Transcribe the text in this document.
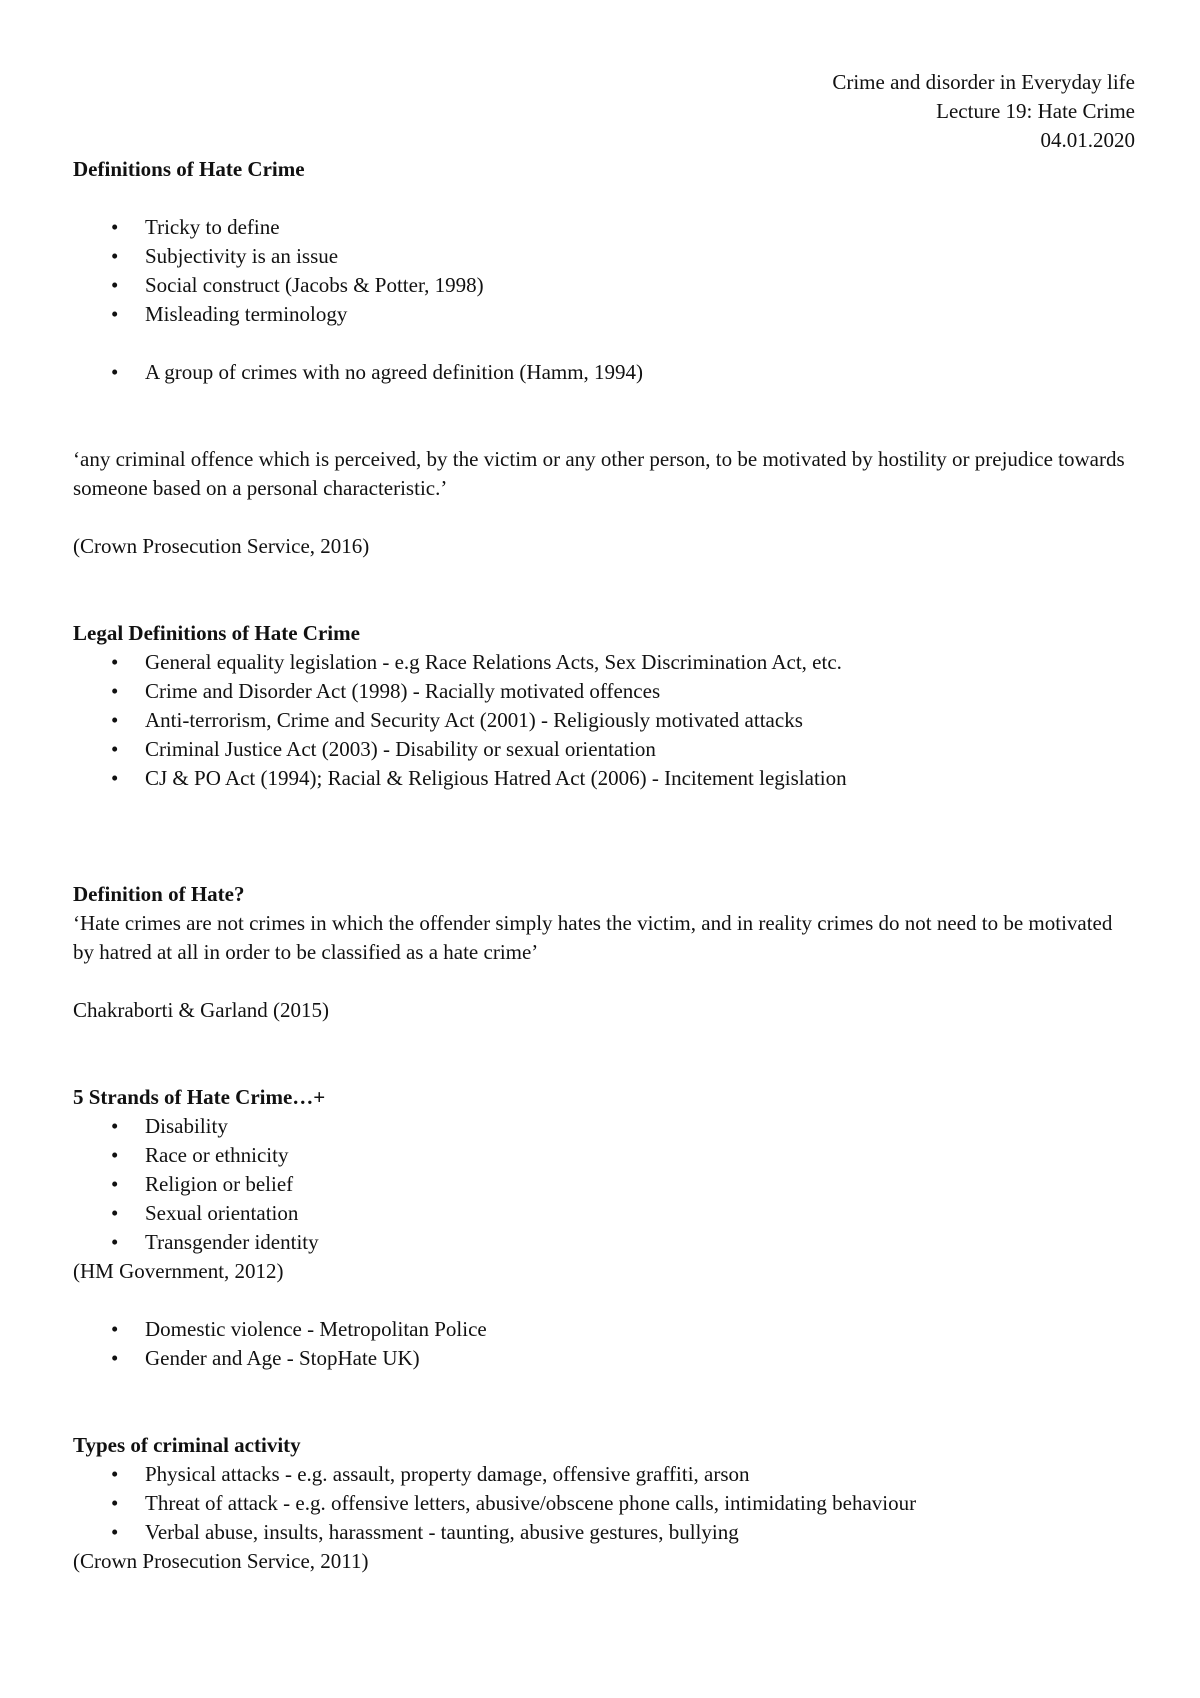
Crime and disorder in Everyday life
Lecture 19: Hate Crime
04.01.2020

Definitions of Hate Crime

• Tricky to define
• Subjectivity is an issue
• Social construct (Jacobs & Potter, 1998)
• Misleading terminology
• A group of crimes with no agreed definition (Hamm, 1994)

‘any criminal offence which is perceived, by the victim or any other person, to be motivated by hostility or prejudice towards someone based on a personal characteristic.’

(Crown Prosecution Service, 2016)

Legal Definitions of Hate Crime

• General equality legislation - e.g Race Relations Acts, Sex Discrimination Act, etc.
• Crime and Disorder Act (1998) - Racially motivated offences
• Anti-terrorism, Crime and Security Act (2001) - Religiously motivated attacks
• Criminal Justice Act (2003) - Disability or sexual orientation
• CJ & PO Act (1994); Racial & Religious Hatred Act (2006) - Incitement legislation

Definition of Hate?

‘Hate crimes are not crimes in which the offender simply hates the victim, and in reality crimes do not need to be motivated by hatred at all in order to be classified as a hate crime’

Chakraborti & Garland (2015)

5 Strands of Hate Crime…+

• Disability
• Race or ethnicity
• Religion or belief
• Sexual orientation
• Transgender identity

(HM Government, 2012)

• Domestic violence - Metropolitan Police
• Gender and Age - StopHate UK)

Types of criminal activity

• Physical attacks - e.g. assault, property damage, offensive graffiti, arson
• Threat of attack - e.g. offensive letters, abusive/obscene phone calls, intimidating behaviour
• Verbal abuse, insults, harassment - taunting, abusive gestures, bullying

(Crown Prosecution Service, 2011)
